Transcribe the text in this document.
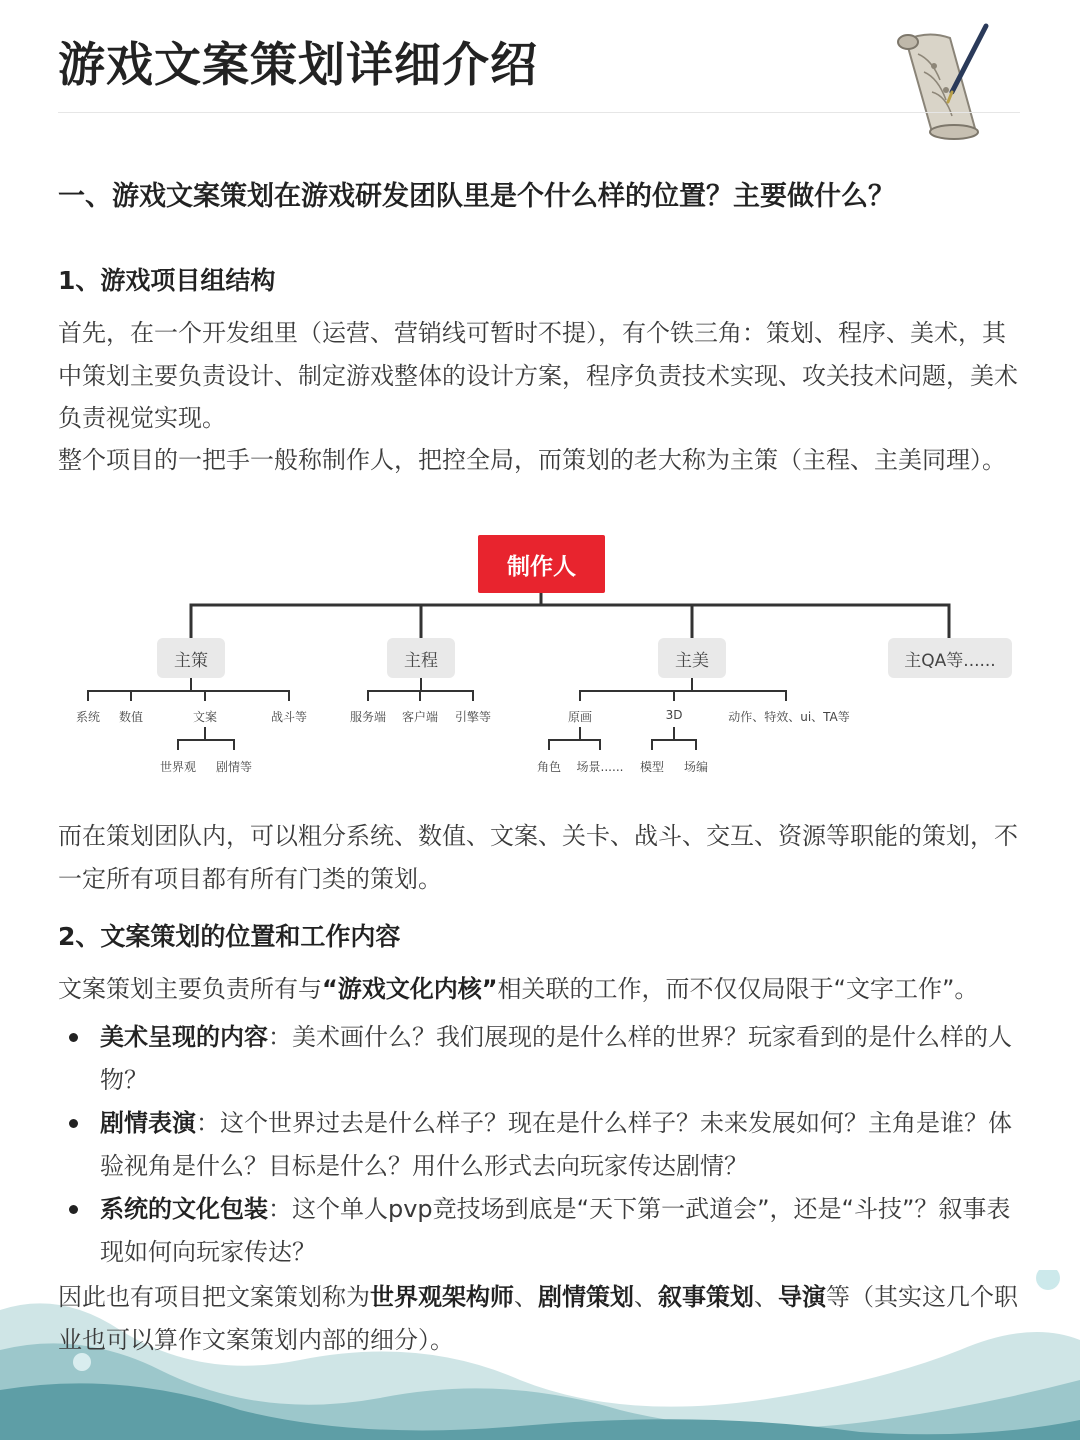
游戏文案策划详细介绍
一、游戏文案策划在游戏研发团队里是个什么样的位置？主要做什么？
1、游戏项目组结构

首先，在一个开发组里（运营、营销线可暂时不提），有个铁三角：策划、程序、美术，其中策划主要负责设计、制定游戏整体的设计方案，程序负责技术实现、攻关技术问题，美术负责视觉实现。

整个项目的一把手一般称制作人，把控全局，而策划的老大称为主策（主程、主美同理）。

制作人
主策	主程	主美	主QA等......
系统 数值	文案	战斗等
世界观 剧情等
服务端 客户端 引擎等	原画	3D	动作、特效、ui、TA等
角色 场景...... 模型 场编

而在策划团队内，可以粗分系统、数值、文案、关卡、战斗、交互、资源等职能的策划，不一定所有项目都有所有门类的策划。

2、文案策划的位置和工作内容

文案策划主要负责所有与“游戏文化内核”相关联的工作，而不仅仅局限于“文字工作”。

美术呈现的内容：美术画什么？我们展现的是什么样的世界？玩家看到的是什么样的人物？
剧情表演：这个世界过去是什么样子？现在是什么样子？未来发展如何？主角是谁？体验视角是什么？目标是什么？用什么形式去向玩家传达剧情？
系统的文化包装：这个单人pvp竞技场到底是“天下第一武道会”，还是“斗技”？叙事表现如何向玩家传达？

因此也有项目把文案策划称为世界观架构师、剧情策划、叙事策划、导演等（其实这几个职业也可以算作文案策划内部的细分）。
